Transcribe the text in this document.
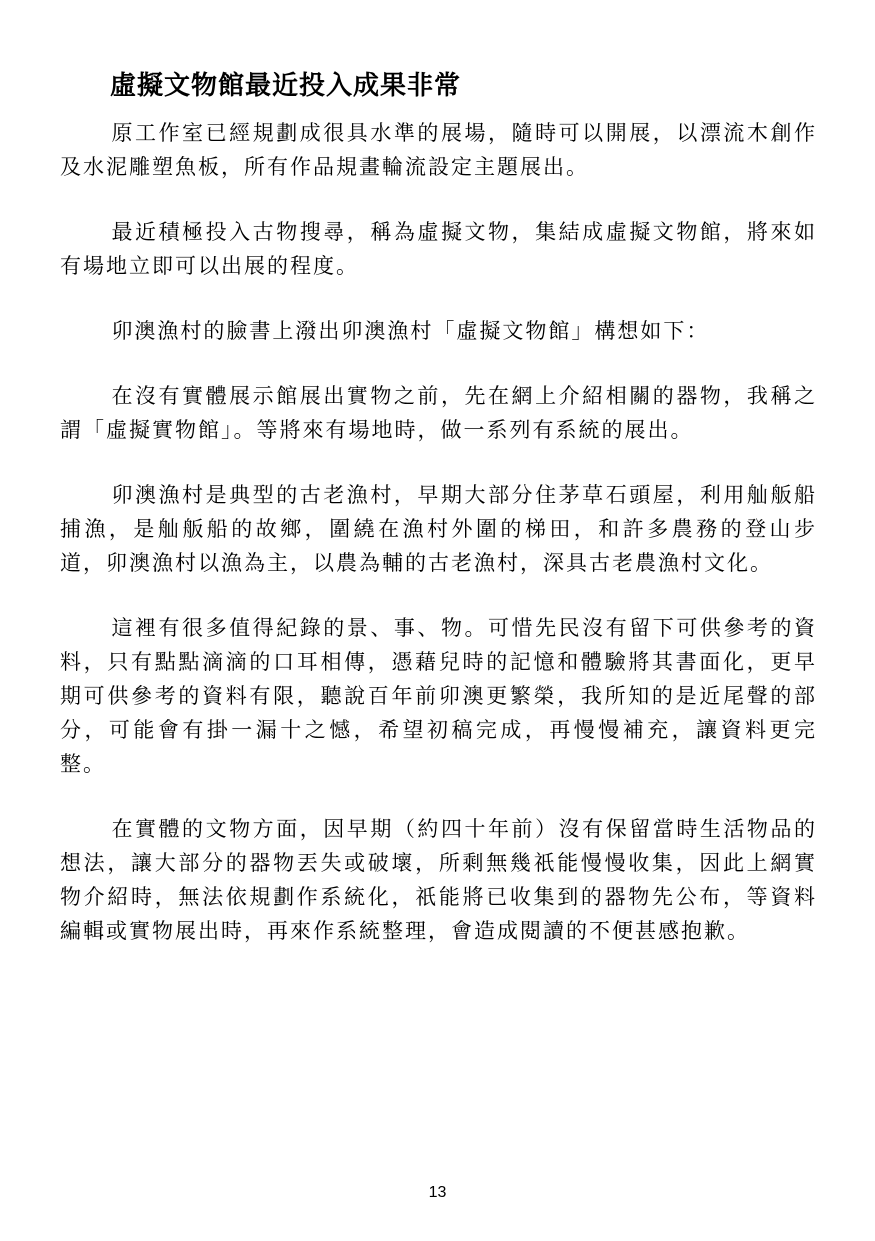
虛擬文物館最近投入成果非常

原工作室已經規劃成很具水準的展場，隨時可以開展，以漂流木創作及水泥雕塑魚板，所有作品規畫輪流設定主題展出。

最近積極投入古物搜尋，稱為虛擬文物，集結成虛擬文物館，將來如有場地立即可以出展的程度。

卯澳漁村的臉書上潑出卯澳漁村「虛擬文物館」構想如下：

在沒有實體展示館展出實物之前，先在網上介紹相關的器物，我稱之謂「虛擬實物館」。等將來有場地時，做一系列有系統的展出。

卯澳漁村是典型的古老漁村，早期大部分住茅草石頭屋，利用舢舨船捕漁，是舢舨船的故鄉，圍繞在漁村外圍的梯田，和許多農務的登山步道，卯澳漁村以漁為主，以農為輔的古老漁村，深具古老農漁村文化。

這裡有很多值得紀錄的景、事、物。可惜先民沒有留下可供參考的資料，只有點點滴滴的口耳相傳，憑藉兒時的記憶和體驗將其書面化，更早期可供參考的資料有限，聽說百年前卯澳更繁榮，我所知的是近尾聲的部分，可能會有掛一漏十之憾，希望初稿完成，再慢慢補充，讓資料更完整。

在實體的文物方面，因早期（約四十年前）沒有保留當時生活物品的想法，讓大部分的器物丟失或破壞，所剩無幾祇能慢慢收集，因此上網實物介紹時，無法依規劃作系統化，祇能將已收集到的器物先公布，等資料編輯或實物展出時，再來作系統整理，會造成閱讀的不便甚感抱歉。

13
